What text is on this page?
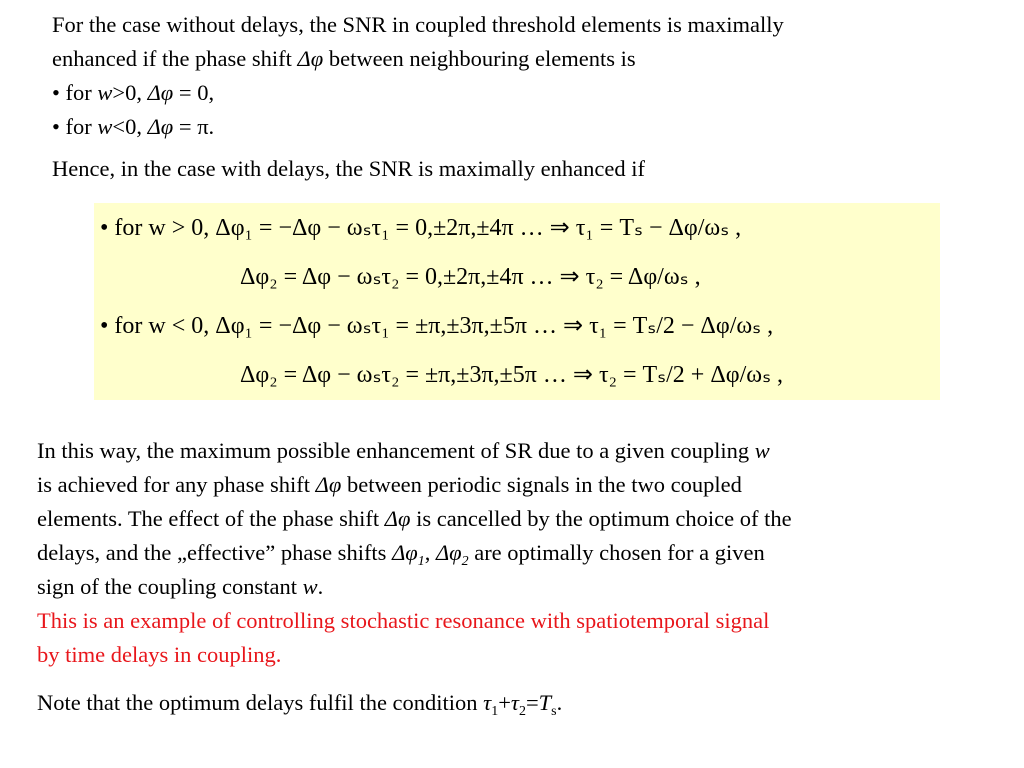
For the case without delays, the SNR in coupled threshold elements is maximally
enhanced if the phase shift Δφ between neighbouring elements is
• for w>0, Δφ = 0,
• for w<0, Δφ = π.
Hence, in the case with delays, the SNR is maximally enhanced if
• for w > 0, Δφ₁ = −Δφ − ωₛτ₁ = 0,±2π,±4π … ⇒ τ₁ = Tₛ − Δφ/ωₛ ,
Δφ₂ = Δφ − ωₛτ₂ = 0,±2π,±4π … ⇒ τ₂ = Δφ/ωₛ ,
• for w < 0, Δφ₁ = −Δφ − ωₛτ₁ = ±π,±3π,±5π … ⇒ τ₁ = Tₛ/2 − Δφ/ωₛ ,
Δφ₂ = Δφ − ωₛτ₂ = ±π,±3π,±5π … ⇒ τ₂ = Tₛ/2 + Δφ/ωₛ ,
In this way, the maximum possible enhancement of SR due to a given coupling w
is achieved for any phase shift Δφ between periodic signals in the two coupled
elements. The effect of the phase shift Δφ is cancelled by the optimum choice of the
delays, and the „effective” phase shifts $\Delta\varphi_1$, $\Delta\varphi_2$ are optimally chosen for a given
sign of the coupling constant w.
This is an example of controlling stochastic resonance with spatiotemporal signal
by time delays in coupling.
Note that the optimum delays fulfil the condition $\tau_1+\tau_2=T_s$.
